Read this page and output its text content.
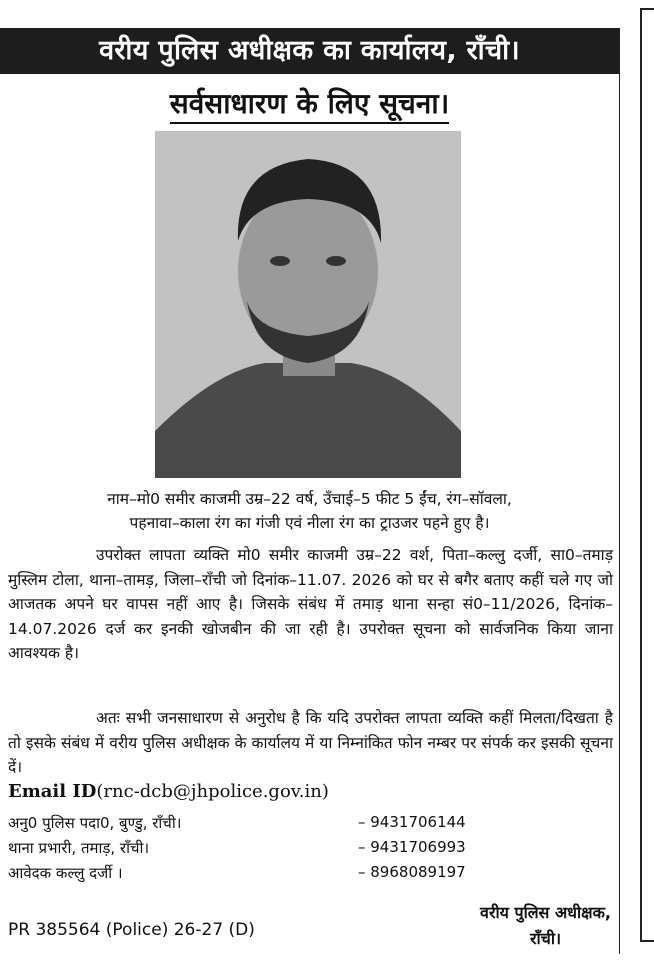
वरीय पुलिस अधीक्षक का कार्यालय, राँची।
सर्वसाधारण के लिए सूचना।
नाम–मो0 समीर काजमी उम्र–22 वर्ष, उँचाई–5 फीट 5 ईंच, रंग–सॉवला,
पहनावा–काला रंग का गंजी एवं नीला रंग का ट्राउजर पहने हुए है।
उपरोक्त लापता व्यक्ति मो0 समीर काजमी उम्र–22 वर्श, पिता–कल्लु दर्जी, सा0–तमाड़ मुस्लिम टोला, थाना–तामड़, जिला–राँची जो दिनांक–11.07. 2026 को घर से बगैर बताए कहीं चले गए जो आजतक अपने घर वापस नहीं आए है। जिसके संबंध में तमाड़ थाना सन्हा सं0–11/2026, दिनांक–14.07.2026 दर्ज कर इनकी खोजबीन की जा रही है। उपरोक्त सूचना को सार्वजनिक किया जाना आवश्यक है।
अतः सभी जनसाधारण से अनुरोध है कि यदि उपरोक्त लापता व्यक्ति कहीं मिलता/दिखता है तो इसके संबंध में वरीय पुलिस अधीक्षक के कार्यालय में या निम्नांकित फोन नम्बर पर संपर्क कर इसकी सूचना दें।
Email ID(rnc-dcb@jhpolice.gov.in)
अनु0 पुलिस पदा0, बुण्डु, राँची।	– 9431706144
थाना प्रभारी, तमाड़, राँची।	– 9431706993
आवेदक कल्लु दर्जी ।	– 8968089197
PR 385564 (Police) 26-27 (D)
वरीय पुलिस अधीक्षक,
राँची।
